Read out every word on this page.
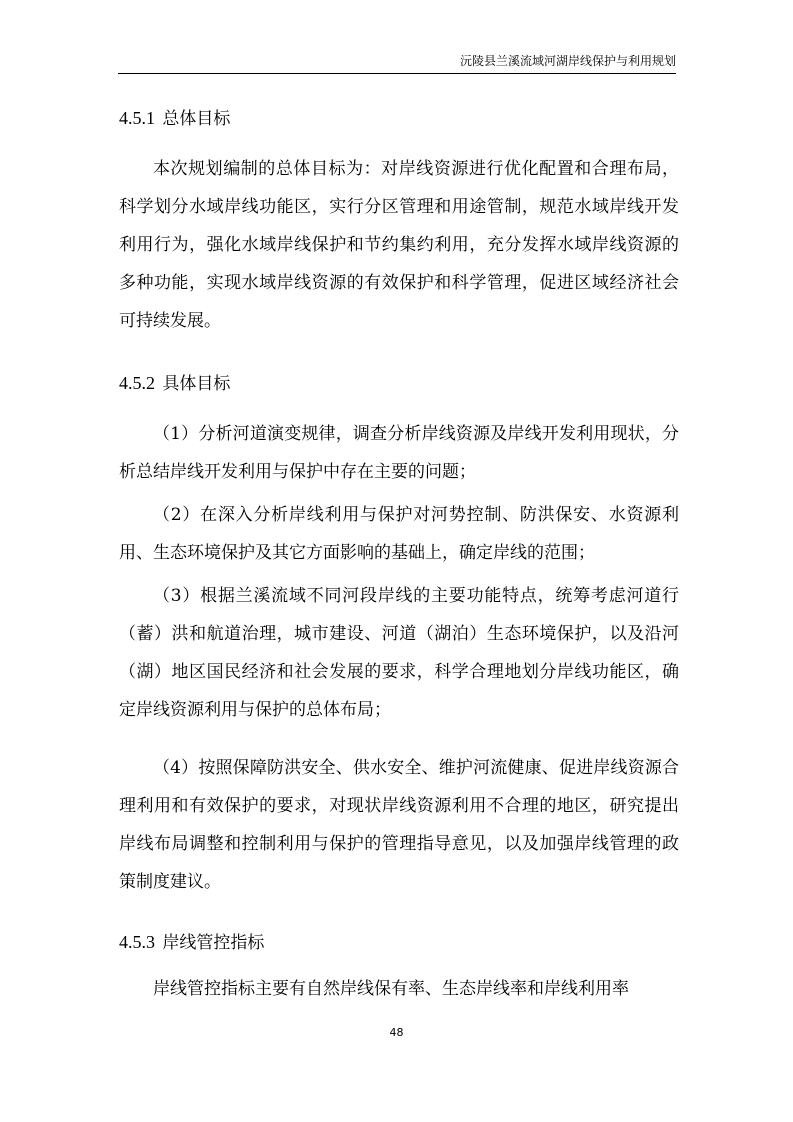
沅陵县兰溪流域河湖岸线保护与利用规划
4.5.1 总体目标

本次规划编制的总体目标为：对岸线资源进行优化配置和合理布局，科学划分水域岸线功能区，实行分区管理和用途管制，规范水域岸线开发利用行为，强化水域岸线保护和节约集约利用，充分发挥水域岸线资源的多种功能，实现水域岸线资源的有效保护和科学管理，促进区域经济社会可持续发展。

4.5.2 具体目标

（1）分析河道演变规律，调查分析岸线资源及岸线开发利用现状，分析总结岸线开发利用与保护中存在主要的问题；

（2）在深入分析岸线利用与保护对河势控制、防洪保安、水资源利用、生态环境保护及其它方面影响的基础上，确定岸线的范围；

（3）根据兰溪流域不同河段岸线的主要功能特点，统筹考虑河道行（蓄）洪和航道治理，城市建设、河道（湖泊）生态环境保护，以及沿河（湖）地区国民经济和社会发展的要求，科学合理地划分岸线功能区，确定岸线资源利用与保护的总体布局；

（4）按照保障防洪安全、供水安全、维护河流健康、促进岸线资源合理利用和有效保护的要求，对现状岸线资源利用不合理的地区，研究提出岸线布局调整和控制利用与保护的管理指导意见，以及加强岸线管理的政策制度建议。

4.5.3 岸线管控指标

岸线管控指标主要有自然岸线保有率、生态岸线率和岸线利用率

48
